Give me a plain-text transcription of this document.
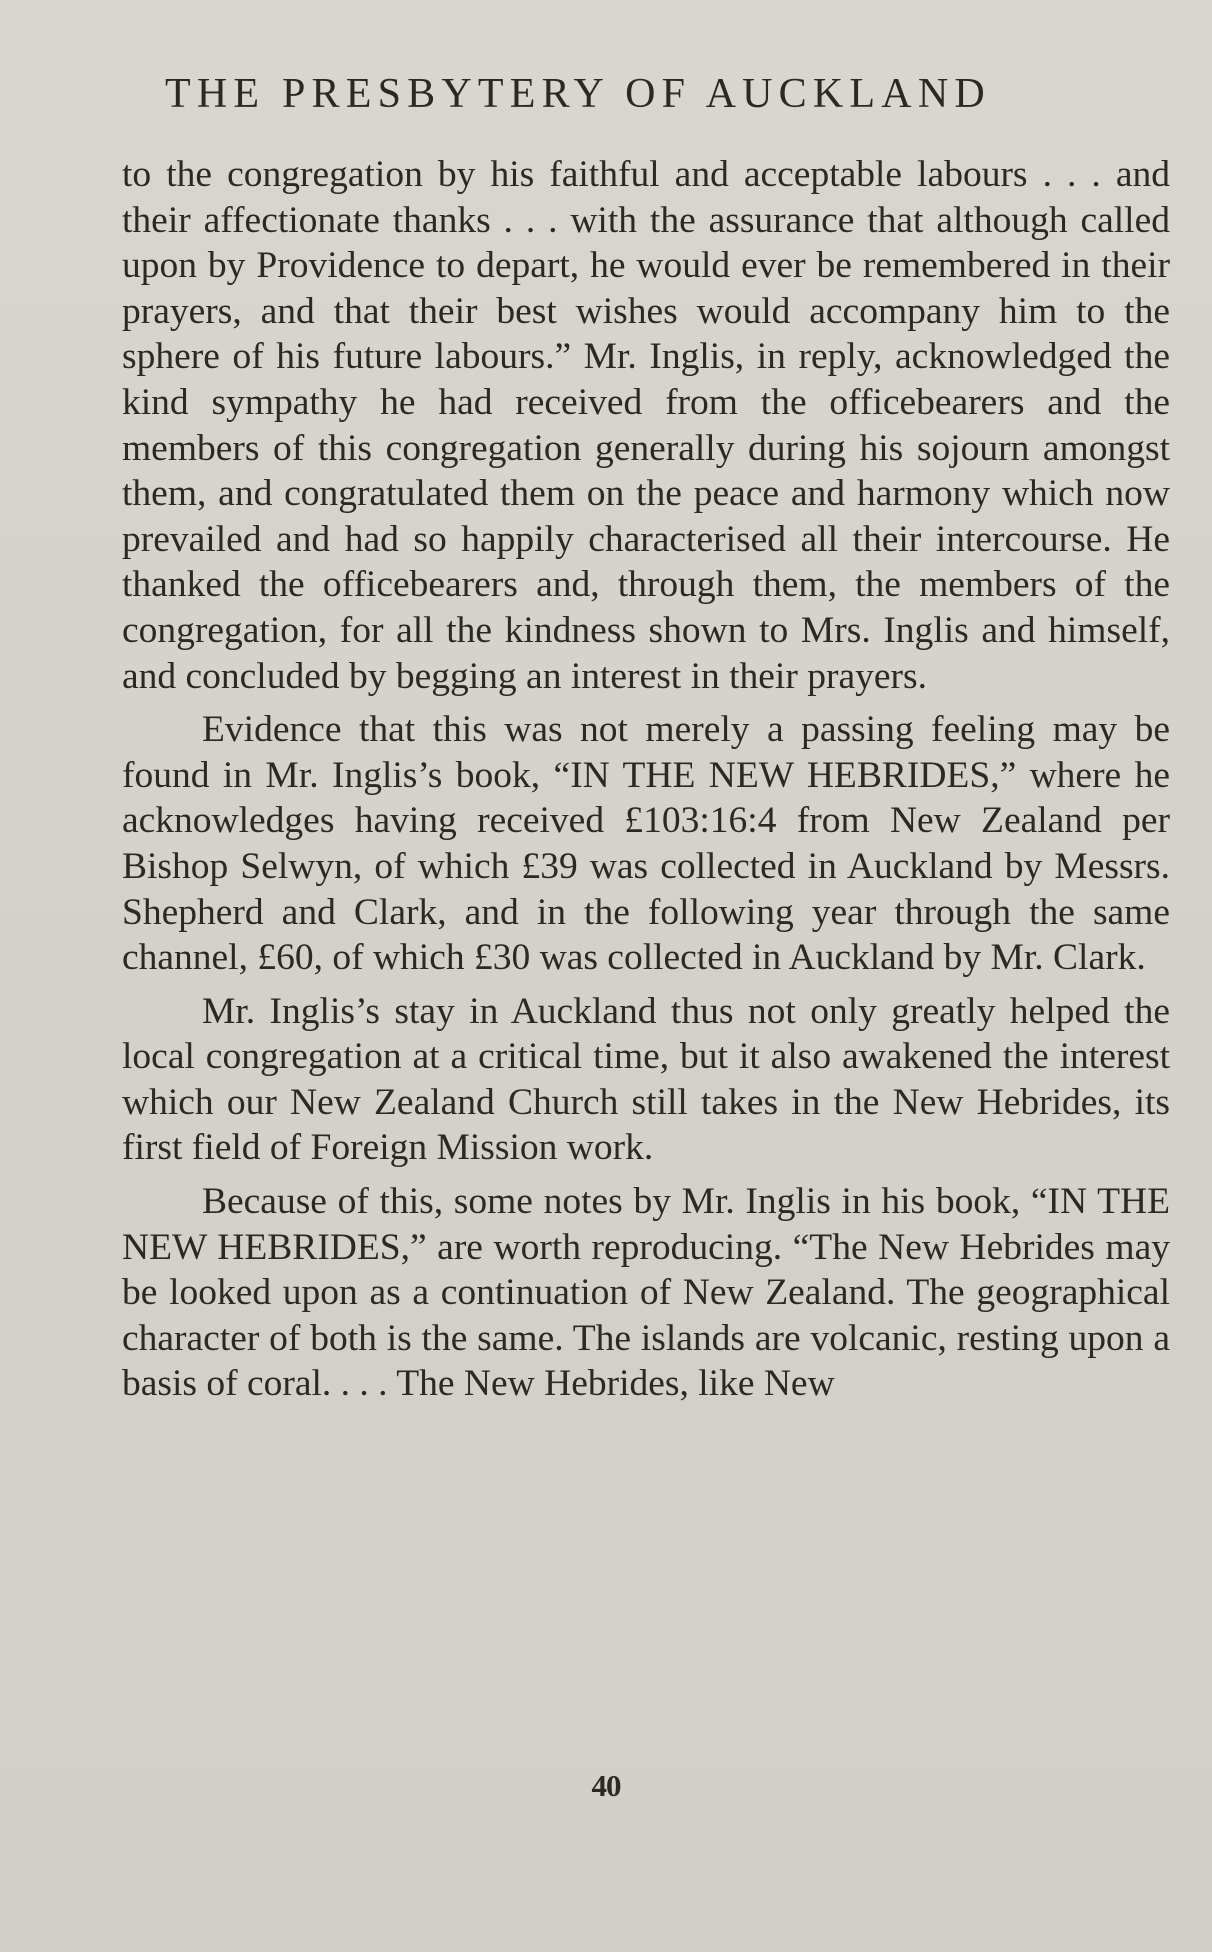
THE PRESBYTERY OF AUCKLAND

to the congregation by his faithful and acceptable labours . . . and their affectionate thanks . . . with the assurance that although called upon by Providence to depart, he would ever be remembered in their prayers, and that their best wishes would accompany him to the sphere of his future labours.” Mr. Inglis, in reply, acknowledged the kind sympathy he had received from the officebearers and the members of this congregation generally during his sojourn amongst them, and congratulated them on the peace and harmony which now prevailed and had so happily characterised all their intercourse. He thanked the officebearers and, through them, the members of the congregation, for all the kindness shown to Mrs. Inglis and himself, and concluded by begging an interest in their prayers.

Evidence that this was not merely a passing feeling may be found in Mr. Inglis’s book, “IN THE NEW HEBRIDES,” where he acknowledges having received £103:16:4 from New Zealand per Bishop Selwyn, of which £39 was collected in Auckland by Messrs. Shepherd and Clark, and in the following year through the same channel, £60, of which £30 was collected in Auckland by Mr. Clark.

Mr. Inglis’s stay in Auckland thus not only greatly helped the local congregation at a critical time, but it also awakened the interest which our New Zealand Church still takes in the New Hebrides, its first field of Foreign Mission work.

Because of this, some notes by Mr. Inglis in his book, “IN THE NEW HEBRIDES,” are worth reproducing. “The New Hebrides may be looked upon as a continuation of New Zealand. The geographical character of both is the same. The islands are volcanic, resting upon a basis of coral. . . . The New Hebrides, like New

40
